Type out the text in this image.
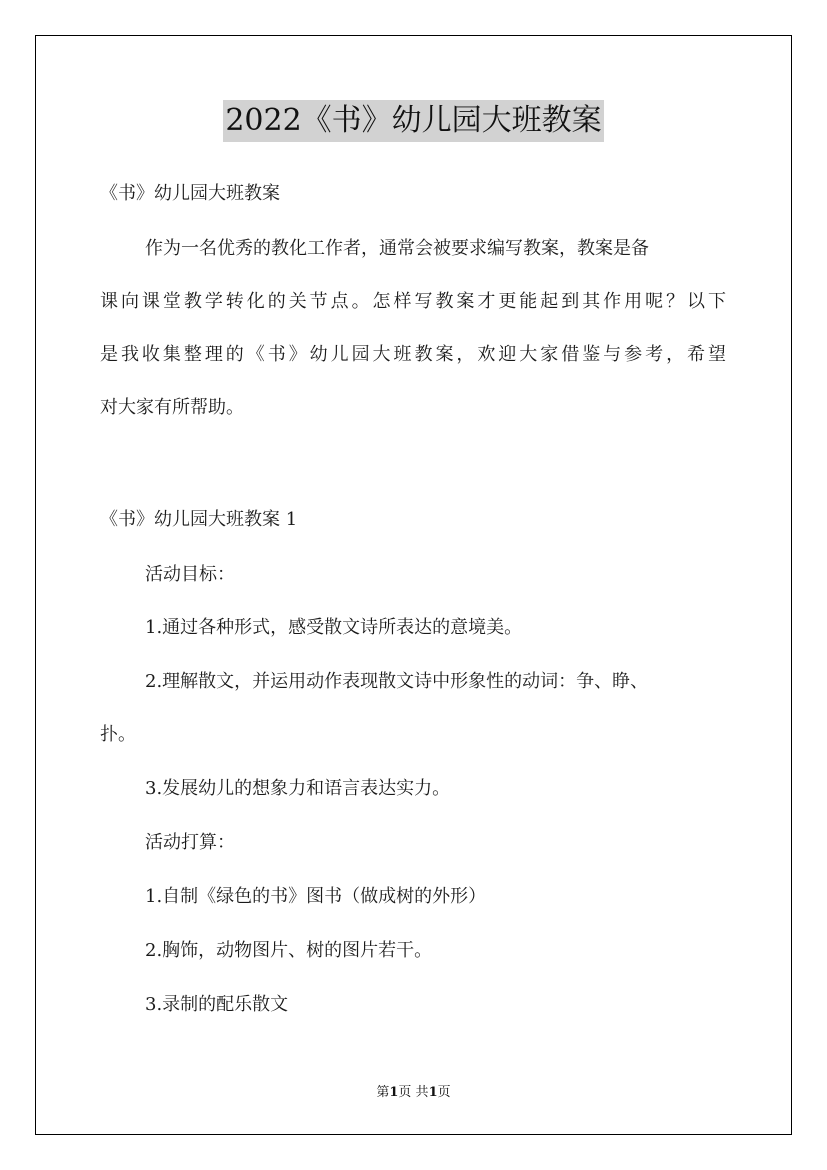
2022《书》幼儿园大班教案
《书》幼儿园大班教案
作为一名优秀的教化工作者，通常会被要求编写教案，教案是备
课向课堂教学转化的关节点。怎样写教案才更能起到其作用呢？以下
是我收集整理的《书》幼儿园大班教案，欢迎大家借鉴与参考，希望
对大家有所帮助。
《书》幼儿园大班教案 1
活动目标：
1.通过各种形式，感受散文诗所表达的意境美。
2.理解散文，并运用动作表现散文诗中形象性的动词：争、睁、
扑。
3.发展幼儿的想象力和语言表达实力。
活动打算：
1.自制《绿色的书》图书（做成树的外形）
2.胸饰，动物图片、树的图片若干。
3.录制的配乐散文
第1页 共1页
